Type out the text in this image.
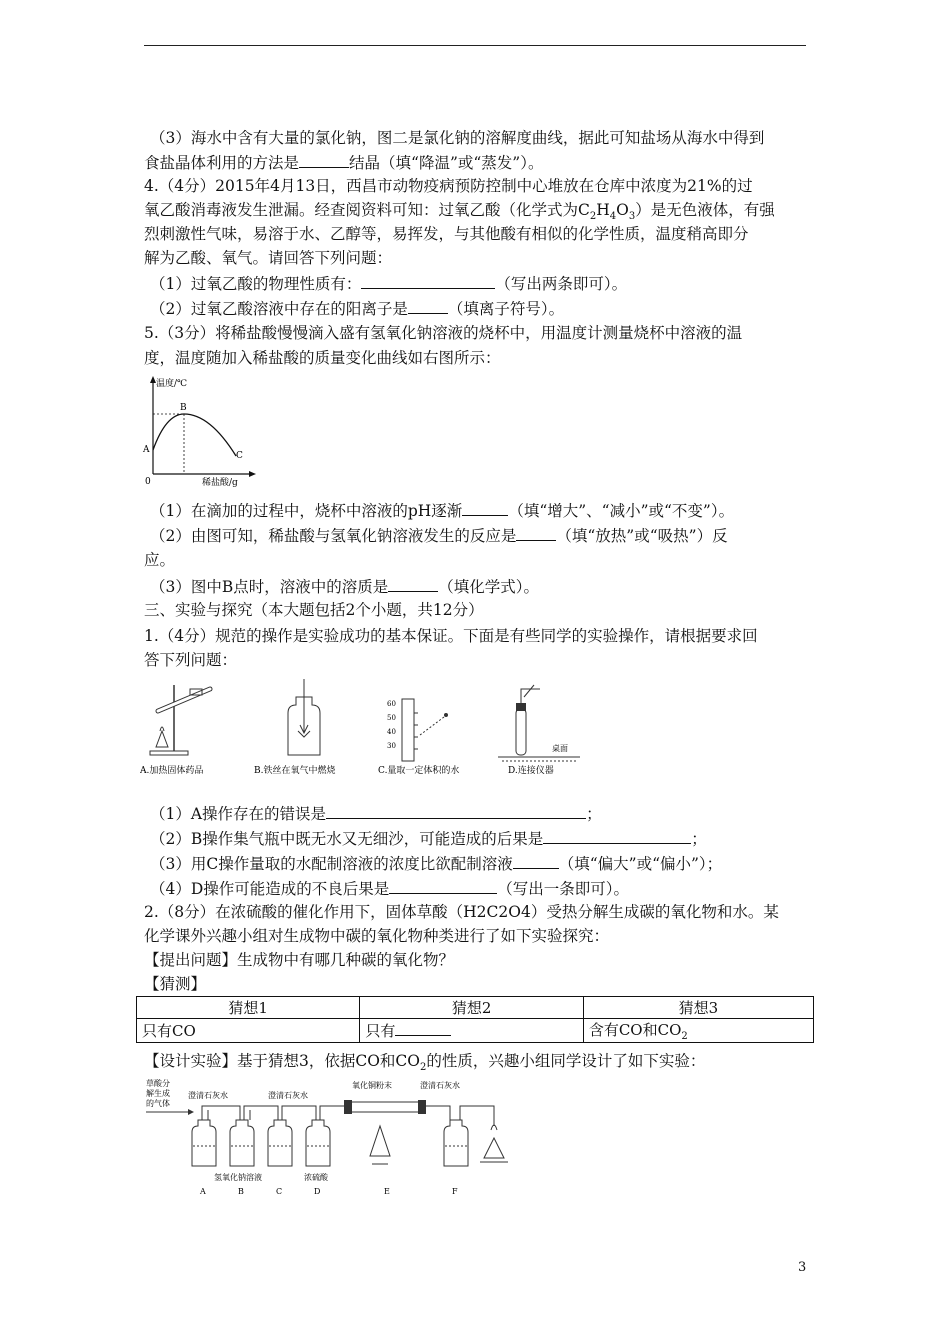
（3）海水中含有大量的氯化钠，图二是氯化钠的溶解度曲线，据此可知盐场从海水中得到
食盐晶体利用的方法是	结晶（填“降温”或“蒸发”）。
4.（4分）2015年4月13日，西昌市动物疫病预防控制中心堆放在仓库中浓度为21%的过
氧乙酸消毒液发生泄漏。经查阅资料可知：过氧乙酸（化学式为$C_2H_4O_3$）是无色液体，有强
烈刺激性气味，易溶于水、乙醇等，易挥发，与其他酸有相似的化学性质，温度稍高即分
解为乙酸、氧气。请回答下列问题：
（1）过氧乙酸的物理性质有：	（写出两条即可）。
（2）过氧乙酸溶液中存在的阳离子是	（填离子符号）。
5.（3分）将稀盐酸慢慢滴入盛有氢氧化钠溶液的烧杯中，用温度计测量烧杯中溶液的温
度，温度随加入稀盐酸的质量变化曲线如右图所示：
温度/℃
稀盐酸/g
0
A
B
C
（1）在滴加的过程中，烧杯中溶液的pH逐渐	（填“增大”、“减小”或“不变”）。
（2）由图可知，稀盐酸与氢氧化钠溶液发生的反应是	（填“放热”或“吸热”）反
应。
（3）图中B点时，溶液中的溶质是	（填化学式）。
三、实验与探究（本大题包括2个小题，共12分）
1.（4分）规范的操作是实验成功的基本保证。下面是有些同学的实验操作，请根据要求回
答下列问题：
A.加热固体药品	B.铁丝在氧气中燃烧
60
50
40
30
C.量取一定体积的水
桌面
D.连接仪器
（1）A操作存在的错误是	；
（2）B操作集气瓶中既无水又无细沙，可能造成的后果是	；
（3）用C操作量取的水配制溶液的浓度比欲配制溶液	（填“偏大”或“偏小”）；
（4）D操作可能造成的不良后果是	（写出一条即可）。
2.（8分）在浓硫酸的催化作用下，固体草酸（H2C2O4）受热分解生成碳的氧化物和水。某
化学课外兴趣小组对生成物中碳的氧化物种类进行了如下实验探究：
【提出问题】生成物中有哪几种碳的氧化物？
【猜测】
猜想1	猜想2	猜想3
只有CO	只有	含有CO和$CO_2$
【设计实验】基于猜想3，依据CO和$CO_2$的性质，兴趣小组同学设计了如下实验：
草酸分
解生成
的气体
澄清石灰水	澄清石灰水
氧化铜粉末	澄清石灰水
氢氧化钠溶液	浓硫酸
A	B	C	D	E	F
3
